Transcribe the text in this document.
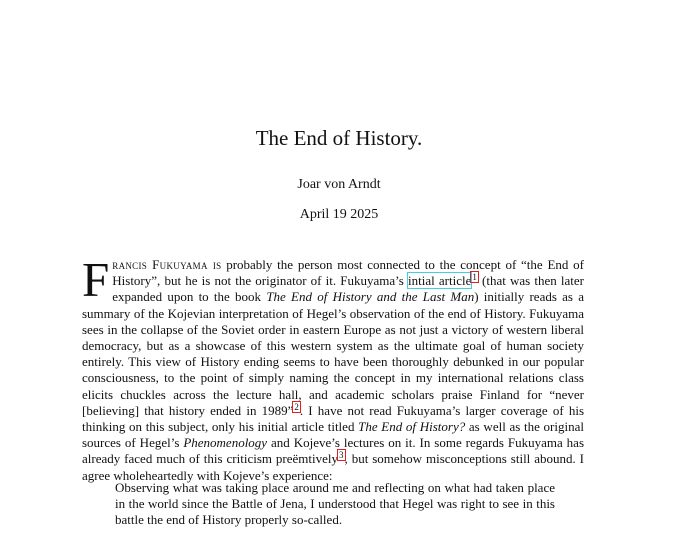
The End of History.
Joar von Arndt
April 19 2025
Francis Fukuyama is probably the person most connected to the concept of “the End of History”, but he is not the originator of it. Fukuyama’s intial article$^1$ (that was then later expanded upon to the book The End of History and the Last Man) initially reads as a summary of the Kojevian interpretation of Hegel’s observation of the end of History. Fukuyama sees in the collapse of the Soviet order in eastern Europe as not just a victory of western liberal democracy, but as a showcase of this western system as the ultimate goal of human society entirely. This view of History ending seems to have been thoroughly debunked in our popular consciousness, to the point of simply naming the concept in my international relations class elicits chuckles across the lecture hall, and academic scholars praise Finland for “never [believing] that history ended in 1989”$^2$. I have not read Fukuyama’s larger coverage of his thinking on this subject, only his initial article titled The End of History? as well as the original sources of Hegel’s Phenomenology and Kojeve’s lectures on it. In some regards Fukuyama has already faced much of this criticism preëmtively$^3$, but somehow misconceptions still abound. I agree wholeheartedly with Kojeve’s experience:
Observing what was taking place around me and reflecting on what had taken place in the world since the Battle of Jena, I understood that Hegel was right to see in this battle the end of History properly so-called.
